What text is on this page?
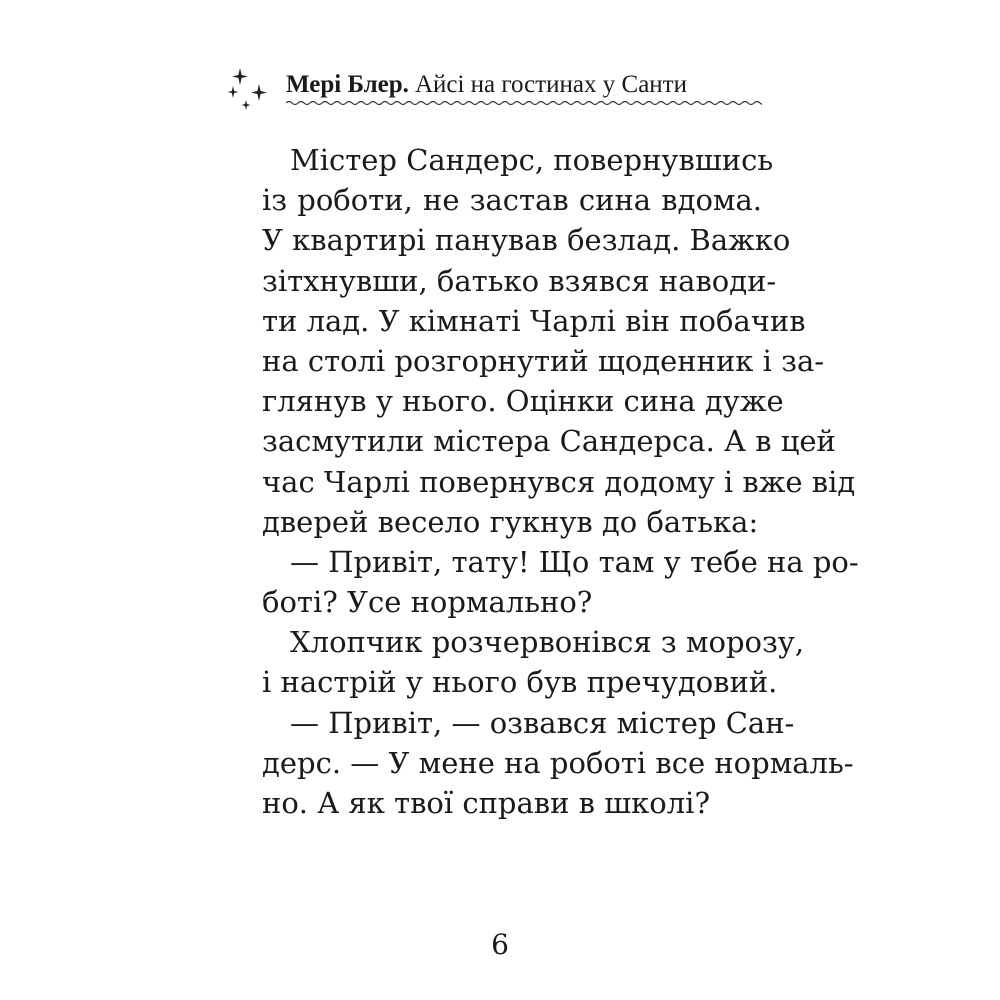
Мері Блер. Айсі на гостинах у Санти
Містер Сандерс, повернувшись
із роботи, не застав сина вдома.
У квартирі панував безлад. Важко
зітхнувши, батько взявся наводи-
ти лад. У кімнаті Чарлі він побачив
на столі розгорнутий щоденник і за-
глянув у нього. Оцінки сина дуже
засмутили містера Сандерса. А в цей
час Чарлі повернувся додому і вже від
дверей весело гукнув до батька:
— Привіт, тату! Що там у тебе на ро-
боті? Усе нормально?
Хлопчик розчервонівся з морозу,
і настрій у нього був пречудовий.
— Привіт, — озвався містер Сан-
дерс. — У мене на роботі все нормаль-
но. А як твої справи в школі?
6
